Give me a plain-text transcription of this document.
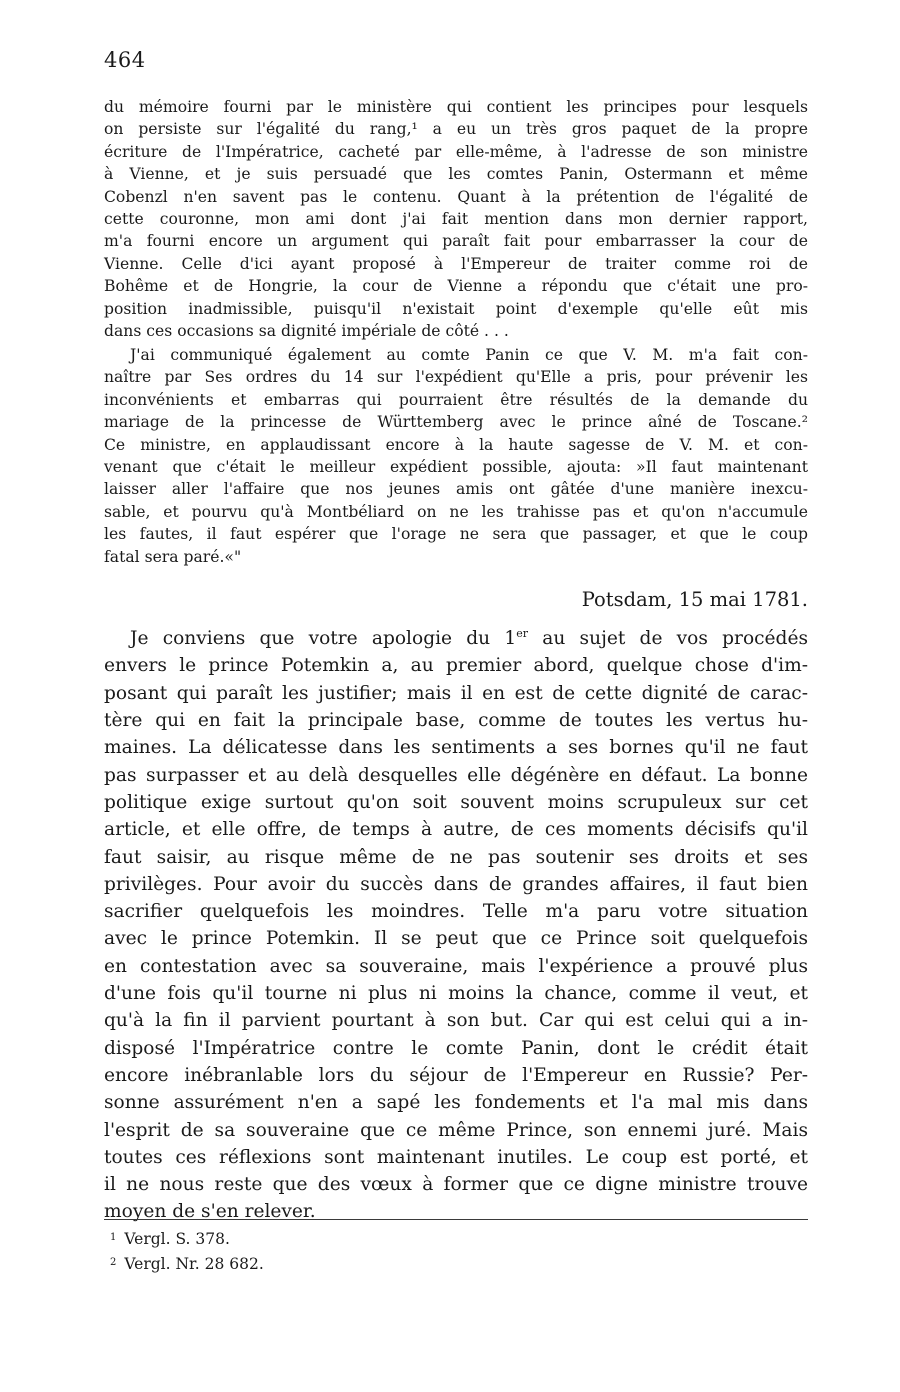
464
du mémoire fourni par le ministère qui contient les principes pour lesquels
on persiste sur l'égalité du rang,¹ a eu un très gros paquet de la propre
écriture de l'Impératrice, cacheté par elle-même, à l'adresse de son ministre
à Vienne, et je suis persuadé que les comtes Panin, Ostermann et même
Cobenzl n'en savent pas le contenu. Quant à la prétention de l'égalité de
cette couronne, mon ami dont j'ai fait mention dans mon dernier rapport,
m'a fourni encore un argument qui paraît fait pour embarrasser la cour de
Vienne. Celle d'ici ayant proposé à l'Empereur de traiter comme roi de
Bohême et de Hongrie, la cour de Vienne a répondu que c'était une pro-
position inadmissible, puisqu'il n'existait point d'exemple qu'elle eût mis
dans ces occasions sa dignité impériale de côté . . .
J'ai communiqué également au comte Panin ce que V. M. m'a fait con-
naître par Ses ordres du 14 sur l'expédient qu'Elle a pris, pour prévenir les
inconvénients et embarras qui pourraient être résultés de la demande du
mariage de la princesse de Württemberg avec le prince aîné de Toscane.²
Ce ministre, en applaudissant encore à la haute sagesse de V. M. et con-
venant que c'était le meilleur expédient possible, ajouta: »Il faut maintenant
laisser aller l'affaire que nos jeunes amis ont gâtée d'une manière inexcu-
sable, et pourvu qu'à Montbéliard on ne les trahisse pas et qu'on n'accumule
les fautes, il faut espérer que l'orage ne sera que passager, et que le coup
fatal sera paré.«"
Potsdam, 15 mai 1781.
Je conviens que votre apologie du 1er au sujet de vos procédés
envers le prince Potemkin a, au premier abord, quelque chose d'im-
posant qui paraît les justifier; mais il en est de cette dignité de carac-
tère qui en fait la principale base, comme de toutes les vertus hu-
maines. La délicatesse dans les sentiments a ses bornes qu'il ne faut
pas surpasser et au delà desquelles elle dégénère en défaut. La bonne
politique exige surtout qu'on soit souvent moins scrupuleux sur cet
article, et elle offre, de temps à autre, de ces moments décisifs qu'il
faut saisir, au risque même de ne pas soutenir ses droits et ses
privilèges. Pour avoir du succès dans de grandes affaires, il faut bien
sacrifier quelquefois les moindres. Telle m'a paru votre situation
avec le prince Potemkin. Il se peut que ce Prince soit quelquefois
en contestation avec sa souveraine, mais l'expérience a prouvé plus
d'une fois qu'il tourne ni plus ni moins la chance, comme il veut, et
qu'à la fin il parvient pourtant à son but. Car qui est celui qui a in-
disposé l'Impératrice contre le comte Panin, dont le crédit était
encore inébranlable lors du séjour de l'Empereur en Russie? Per-
sonne assurément n'en a sapé les fondements et l'a mal mis dans
l'esprit de sa souveraine que ce même Prince, son ennemi juré. Mais
toutes ces réflexions sont maintenant inutiles. Le coup est porté, et
il ne nous reste que des vœux à former que ce digne ministre trouve
moyen de s'en relever.
$^1$ Vergl. S. 378.
$^2$ Vergl. Nr. 28 682.
